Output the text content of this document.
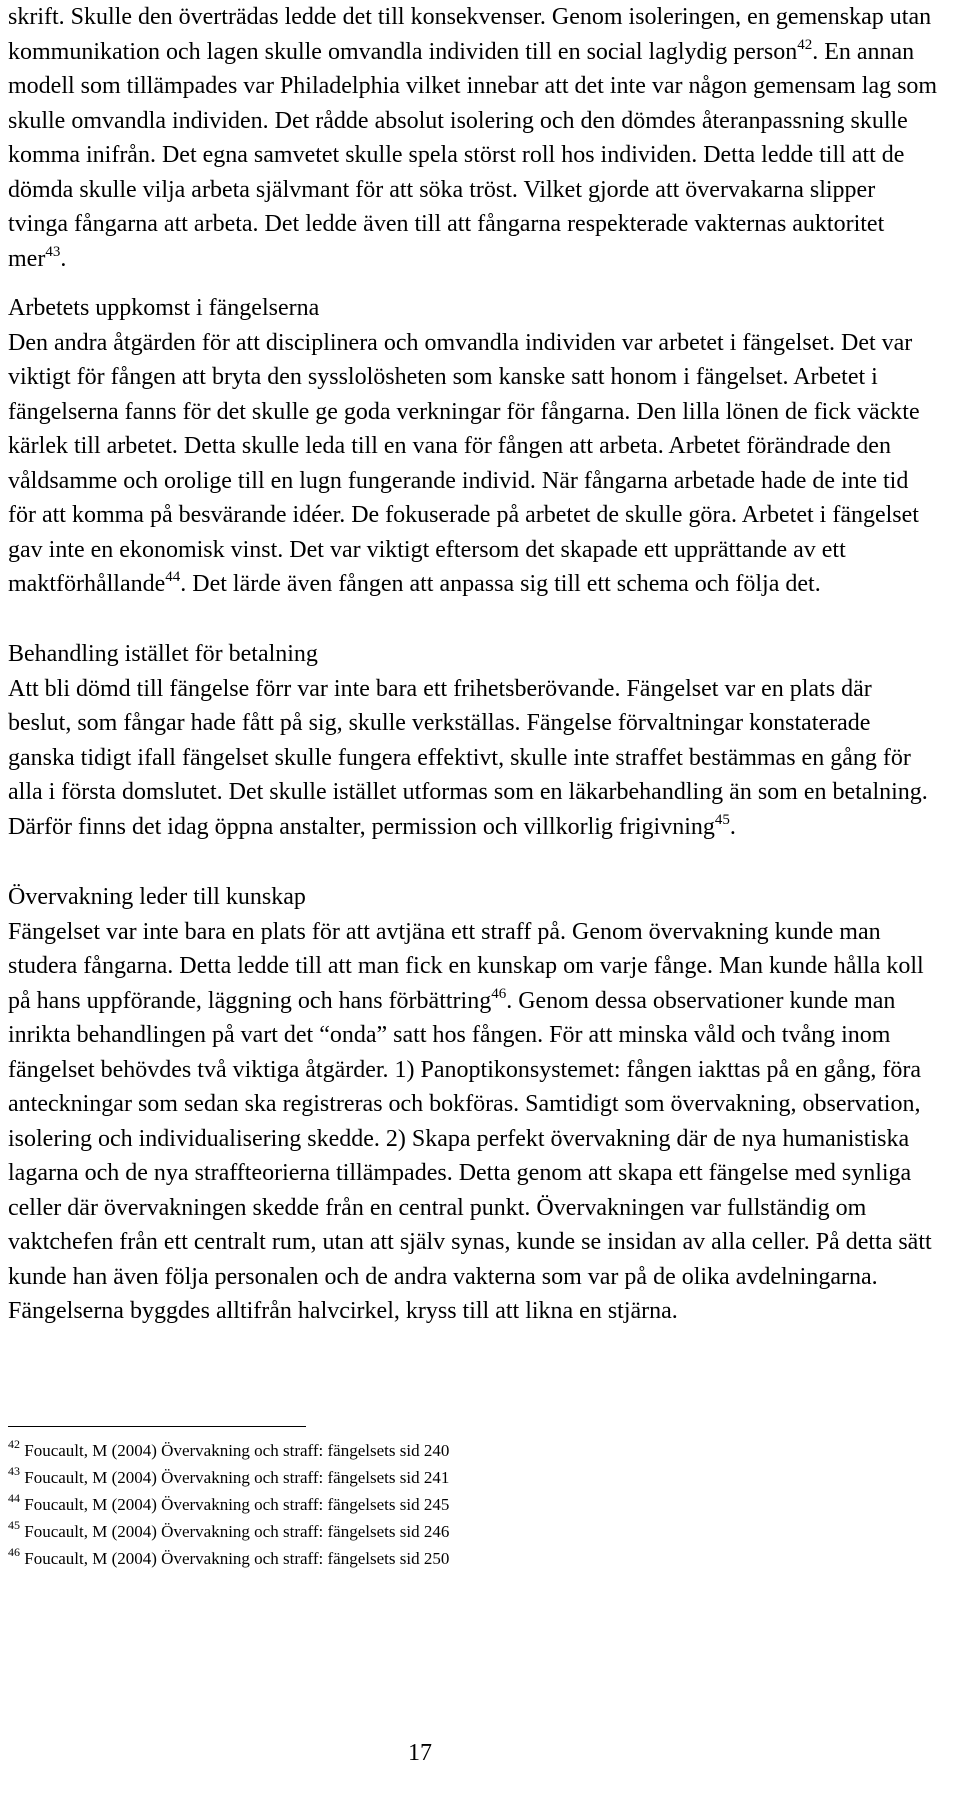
skrift. Skulle den överträdas ledde det till konsekvenser. Genom isoleringen, en gemenskap utan kommunikation och lagen skulle omvandla individen till en social laglydig person$^{42}$. En annan modell som tillämpades var Philadelphia vilket innebar att det inte var någon gemensam lag som skulle omvandla individen. Det rådde absolut isolering och den dömdes återanpassning skulle komma inifrån. Det egna samvetet skulle spela störst roll hos individen. Detta ledde till att de dömda skulle vilja arbeta självmant för att söka tröst. Vilket gjorde att övervakarna slipper tvinga fångarna att arbeta. Det ledde även till att fångarna respekterade vakternas auktoritet mer$^{43}$.

Arbetets uppkomst i fängelserna

Den andra åtgärden för att disciplinera och omvandla individen var arbetet i fängelset. Det var viktigt för fången att bryta den sysslolösheten som kanske satt honom i fängelset. Arbetet i fängelserna fanns för det skulle ge goda verkningar för fångarna. Den lilla lönen de fick väckte kärlek till arbetet. Detta skulle leda till en vana för fången att arbeta. Arbetet förändrade den våldsamme och orolige till en lugn fungerande individ. När fångarna arbetade hade de inte tid för att komma på besvärande idéer. De fokuserade på arbetet de skulle göra. Arbetet i fängelset gav inte en ekonomisk vinst. Det var viktigt eftersom det skapade ett upprättande av ett maktförhållande$^{44}$. Det lärde även fången att anpassa sig till ett schema och följa det.

Behandling istället för betalning

Att bli dömd till fängelse förr var inte bara ett frihetsberövande. Fängelset var en plats där beslut, som fångar hade fått på sig, skulle verkställas. Fängelse förvaltningar konstaterade ganska tidigt ifall fängelset skulle fungera effektivt, skulle inte straffet bestämmas en gång för alla i första domslutet. Det skulle istället utformas som en läkarbehandling än som en betalning. Därför finns det idag öppna anstalter, permission och villkorlig frigivning$^{45}$.

Övervakning leder till kunskap

Fängelset var inte bara en plats för att avtjäna ett straff på. Genom övervakning kunde man studera fångarna. Detta ledde till att man fick en kunskap om varje fånge. Man kunde hålla koll på hans uppförande, läggning och hans förbättring$^{46}$. Genom dessa observationer kunde man inrikta behandlingen på vart det “onda” satt hos fången. För att minska våld och tvång inom fängelset behövdes två viktiga åtgärder. 1) Panoptikonsystemet: fången iakttas på en gång, föra anteckningar som sedan ska registreras och bokföras. Samtidigt som övervakning, observation, isolering och individualisering skedde. 2) Skapa perfekt övervakning där de nya humanistiska lagarna och de nya straffteorierna tillämpades. Detta genom att skapa ett fängelse med synliga celler där övervakningen skedde från en central punkt. Övervakningen var fullständig om vaktchefen från ett centralt rum, utan att själv synas, kunde se insidan av alla celler. På detta sätt kunde han även följa personalen och de andra vakterna som var på de olika avdelningarna. Fängelserna byggdes alltifrån halvcirkel, kryss till att likna en stjärna.

$^{42}$ Foucault, M (2004) Övervakning och straff: fängelsets sid 240

$^{43}$ Foucault, M (2004) Övervakning och straff: fängelsets sid 241

$^{44}$ Foucault, M (2004) Övervakning och straff: fängelsets sid 245

$^{45}$ Foucault, M (2004) Övervakning och straff: fängelsets sid 246

$^{46}$ Foucault, M (2004) Övervakning och straff: fängelsets sid 250

17
